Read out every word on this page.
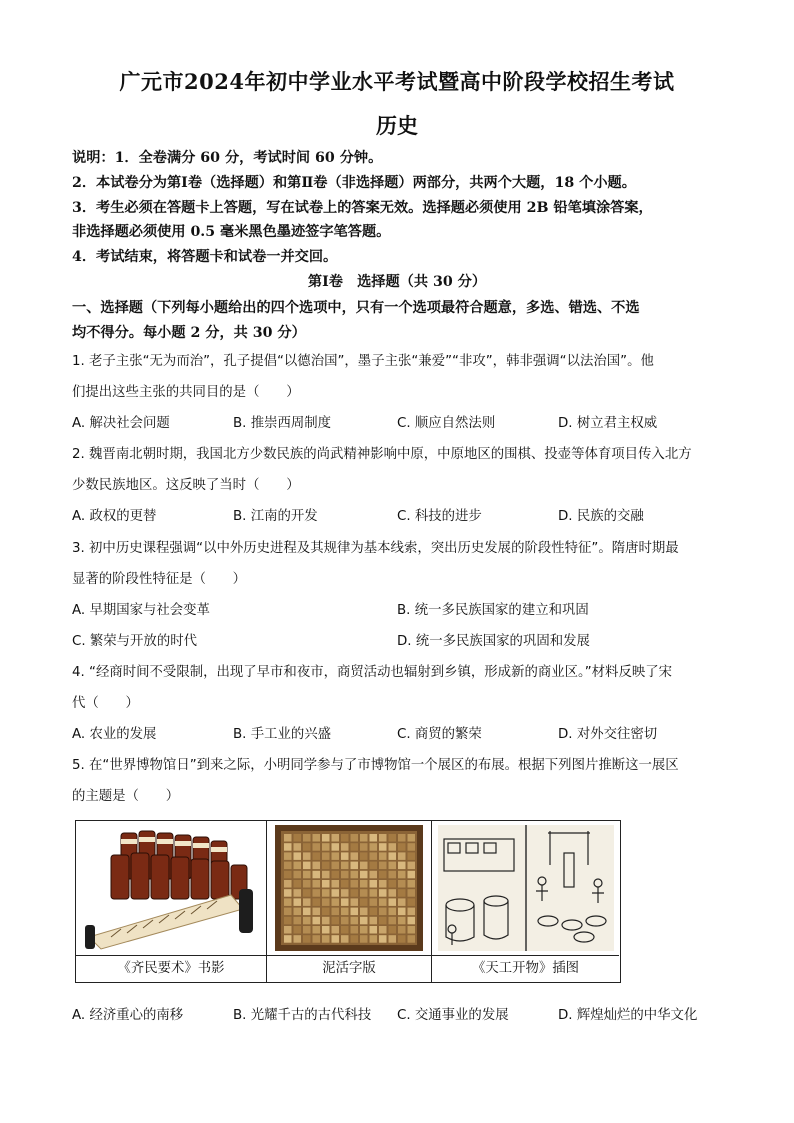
广元市2024年初中学业水平考试暨高中阶段学校招生考试
历史
说明：1．全卷满分 60 分，考试时间 60 分钟。
2．本试卷分为第Ⅰ卷（选择题）和第Ⅱ卷（非选择题）两部分，共两个大题，18 个小题。
3．考生必须在答题卡上答题，写在试卷上的答案无效。选择题必须使用 2B 铅笔填涂答案，
非选择题必须使用 0.5 毫米黑色墨迹签字笔答题。
4．考试结束，将答题卡和试卷一并交回。
第Ⅰ卷　选择题（共 30 分）
一、选择题（下列每小题给出的四个选项中，只有一个选项最符合题意，多选、错选、不选
均不得分。每小题 2 分，共 30 分）
1. 老子主张“无为而治”，孔子提倡“以德治国”，墨子主张“兼爱”“非攻”，韩非强调“以法治国”。他
们提出这些主张的共同目的是（　　）
A. 解决社会问题	B. 推崇西周制度	C. 顺应自然法则	D. 树立君主权威
2. 魏晋南北朝时期，我国北方少数民族的尚武精神影响中原，中原地区的围棋、投壶等体育项目传入北方
少数民族地区。这反映了当时（　　）
A. 政权的更替	B. 江南的开发	C. 科技的进步	D. 民族的交融
3. 初中历史课程强调“以中外历史进程及其规律为基本线索，突出历史发展的阶段性特征”。隋唐时期最
显著的阶段性特征是（　　）
A. 早期国家与社会变革	B. 统一多民族国家的建立和巩固
C. 繁荣与开放的时代	D. 统一多民族国家的巩固和发展
4. “经商时间不受限制，出现了早市和夜市，商贸活动也辐射到乡镇，形成新的商业区。”材料反映了宋
代（　　）
A. 农业的发展	B. 手工业的兴盛	C. 商贸的繁荣	D. 对外交往密切
5. 在“世界博物馆日”到来之际，小明同学参与了市博物馆一个展区的布展。根据下列图片推断这一展区
的主题是（　　）
《齐民要术》书影	泥活字版	《天工开物》插图
A. 经济重心的南移	B. 光耀千古的古代科技 C. 交通事业的发展	D. 辉煌灿烂的中华文化
